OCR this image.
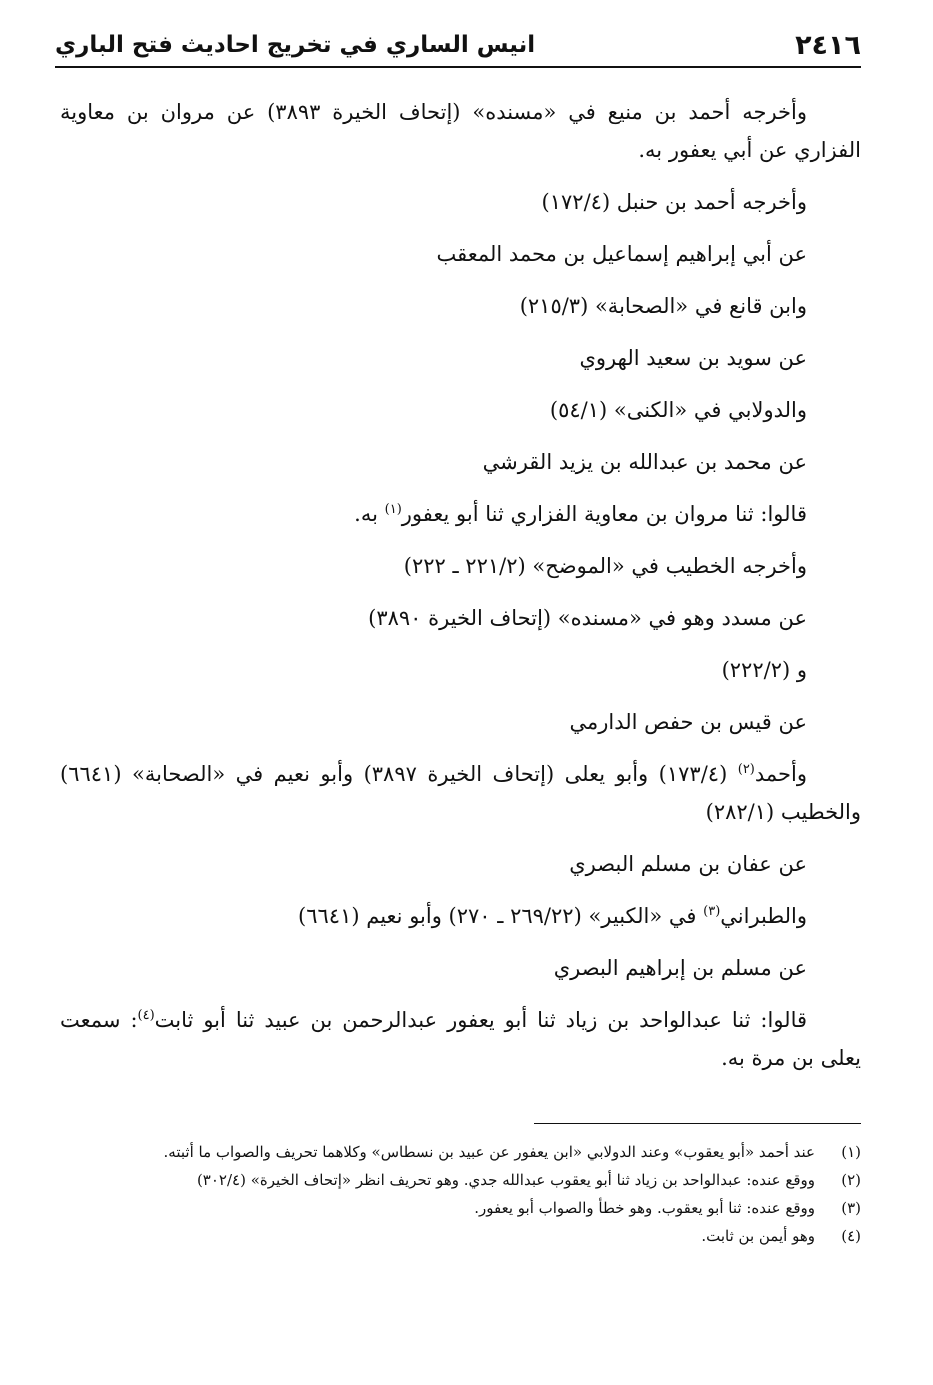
٢٤١٦
انيس الساري في تخريج احاديث فتح الباري

وأخرجه أحمد بن منيع في «مسنده» (إتحاف الخيرة ٣٨٩٣) عن مروان بن معاوية الفزاري عن أبي يعفور به.

وأخرجه أحمد بن حنبل (١٧٢/٤)

عن أبي إبراهيم إسماعيل بن محمد المعقب

وابن قانع في «الصحابة» (٢١٥/٣)

عن سويد بن سعيد الهروي

والدولابي في «الكنى» (٥٤/١)

عن محمد بن عبدالله بن يزيد القرشي

قالوا: ثنا مروان بن معاوية الفزاري ثنا أبو يعفور$^{(١)}$ به.

وأخرجه الخطيب في «الموضح» (٢٢١/٢ ـ ٢٢٢)

عن مسدد وهو في «مسنده» (إتحاف الخيرة ٣٨٩٠)

و (٢٢٢/٢)

عن قيس بن حفص الدارمي

وأحمد$^{(٢)}$ (١٧٣/٤) وأبو يعلى (إتحاف الخيرة ٣٨٩٧) وأبو نعيم في «الصحابة» (٦٦٤١) والخطيب (٢٨٢/١)

عن عفان بن مسلم البصري

والطبراني$^{(٣)}$ في «الكبير» (٢٦٩/٢٢ ـ ٢٧٠) وأبو نعيم (٦٦٤١)

عن مسلم بن إبراهيم البصري

قالوا: ثنا عبدالواحد بن زياد ثنا أبو يعفور عبدالرحمن بن عبيد ثنا أبو ثابت$^{(٤)}$: سمعت يعلى بن مرة به.

(١)
عند أحمد «أبو يعقوب» وعند الدولابي «ابن يعفور عن عبيد بن نسطاس» وكلاهما تحريف والصواب ما أثبته.
(٢)
ووقع عنده: عبدالواحد بن زياد ثنا أبو يعقوب عبدالله جدي. وهو تحريف انظر «إتحاف الخيرة» (٣٠٢/٤)
(٣)
ووقع عنده: ثنا أبو يعقوب. وهو خطأ والصواب أبو يعفور.
(٤)
وهو أيمن بن ثابت.
